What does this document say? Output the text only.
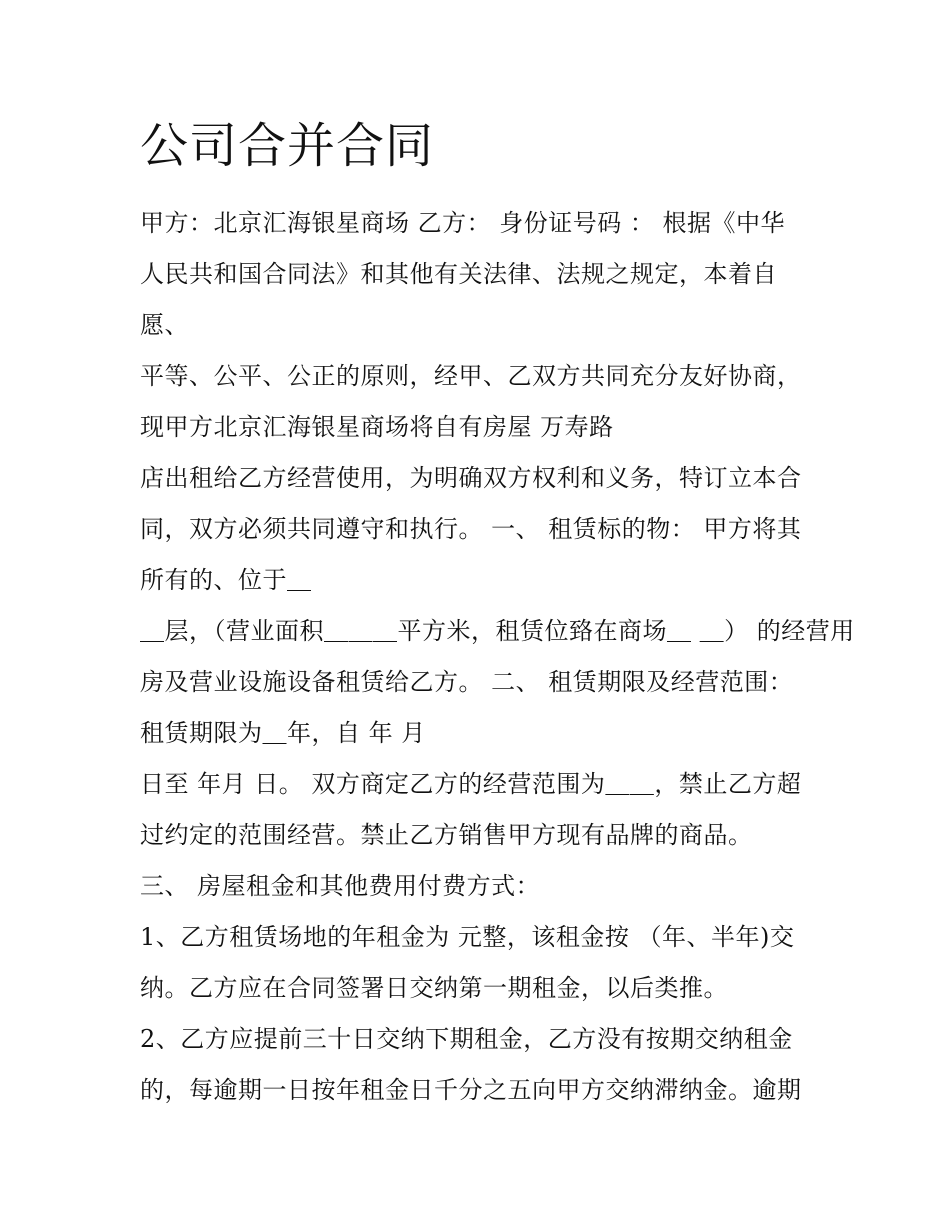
公司合并合同
甲方：北京汇海银星商场 乙方： 身份证号码 ： 根据《中华
人民共和国合同法》和其他有关法律、法规之规定，本着自
愿、
平等、公平、公正的原则，经甲、乙双方共同充分友好协商，
现甲方北京汇海银星商场将自有房屋 万寿路
店出租给乙方经营使用，为明确双方权利和义务，特订立本合
同，双方必须共同遵守和执行。 一、 租赁标的物： 甲方将其
所有的、位于＿
＿层，（营业面积＿＿＿平方米，租赁位臵在商场＿ ＿） 的经营用
房及营业设施设备租赁给乙方。 二、 租赁期限及经营范围：
租赁期限为＿年，自 年 月
日至 年月 日。 双方商定乙方的经营范围为＿＿，禁止乙方超
过约定的范围经营。禁止乙方销售甲方现有品牌的商品。
三、 房屋租金和其他费用付费方式：
1、乙方租赁场地的年租金为 元整，该租金按 （年、半年)交
纳。乙方应在合同签署日交纳第一期租金，以后类推。
2、乙方应提前三十日交纳下期租金，乙方没有按期交纳租金
的，每逾期一日按年租金日千分之五向甲方交纳滞纳金。逾期
